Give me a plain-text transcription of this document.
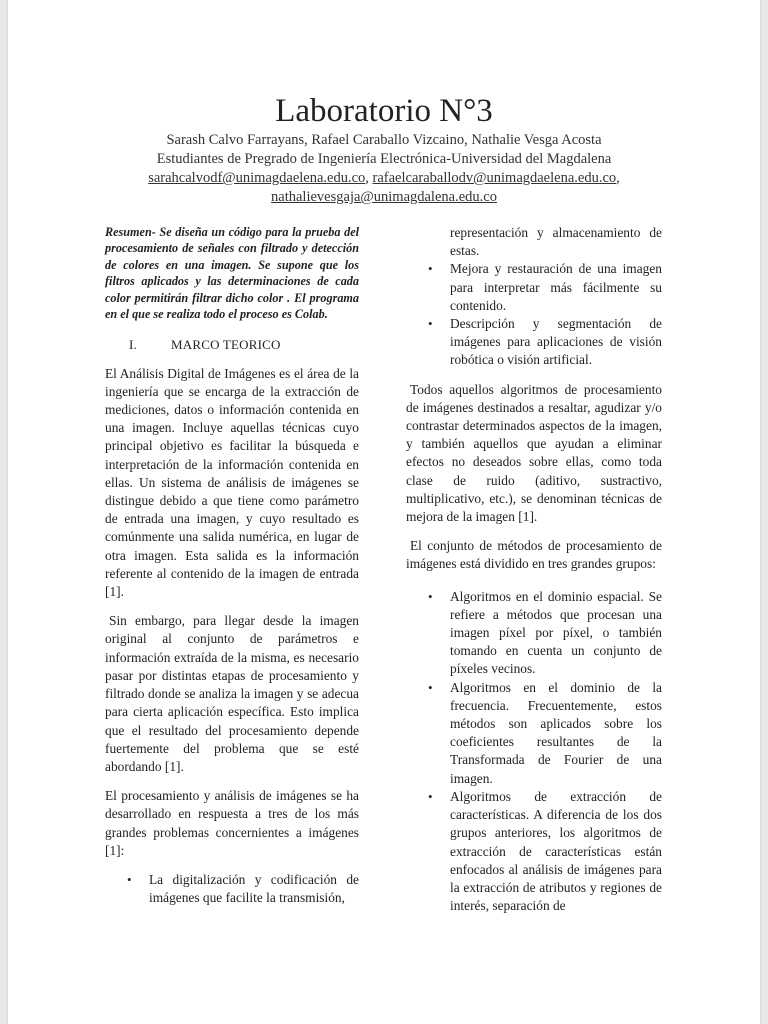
Laboratorio N°3
Sarash Calvo Farrayans, Rafael Caraballo Vizcaino, Nathalie Vesga Acosta
Estudiantes de Pregrado de Ingeniería Electrónica-Universidad del Magdalena
sarahcalvodf@unimagdaelena.edu.co, rafaelcaraballodv@unimagdaelena.edu.co,
nathalievesgaja@unimagdalena.edu.co

Resumen- Se diseña un código para la prueba del procesamiento de señales con filtrado y detección de colores en una imagen. Se supone que los filtros aplicados y las determinaciones de cada color permitirán filtrar dicho color . El programa en el que se realiza todo el proceso es Colab.

I.	MARCO TEORICO

El Análisis Digital de Imágenes es el área de la ingeniería que se encarga de la extracción de mediciones, datos o información contenida en una imagen. Incluye aquellas técnicas cuyo principal objetivo es facilitar la búsqueda e interpretación de la información contenida en ellas. Un sistema de análisis de imágenes se distingue debido a que tiene como parámetro de entrada una imagen, y cuyo resultado es comúnmente una salida numérica, en lugar de otra imagen. Esta salida es la información referente al contenido de la imagen de entrada [1].

Sin embargo, para llegar desde la imagen original al conjunto de parámetros e información extraída de la misma, es necesario pasar por distintas etapas de procesamiento y filtrado donde se analiza la imagen y se adecua para cierta aplicación específica. Esto implica que el resultado del procesamiento depende fuertemente del problema que se esté abordando [1].

El procesamiento y análisis de imágenes se ha desarrollado en respuesta a tres de los más grandes problemas concernientes a imágenes [1]:

• La digitalización y codificación de imágenes que facilite la transmisión,
representación y almacenamiento de estas.
• Mejora y restauración de una imagen para interpretar más fácilmente su contenido.
• Descripción y segmentación de imágenes para aplicaciones de visión robótica o visión artificial.

Todos aquellos algoritmos de procesamiento de imágenes destinados a resaltar, agudizar y/o contrastar determinados aspectos de la imagen, y también aquellos que ayudan a eliminar efectos no deseados sobre ellas, como toda clase de ruido (aditivo, sustractivo, multiplicativo, etc.), se denominan técnicas de mejora de la imagen [1].

El conjunto de métodos de procesamiento de imágenes está dividido en tres grandes grupos:

• Algoritmos en el dominio espacial. Se refiere a métodos que procesan una imagen píxel por píxel, o también tomando en cuenta un conjunto de píxeles vecinos.
• Algoritmos en el dominio de la frecuencia. Frecuentemente, estos métodos son aplicados sobre los coeficientes resultantes de la Transformada de Fourier de una imagen.
• Algoritmos de extracción de características. A diferencia de los dos grupos anteriores, los algoritmos de extracción de características están enfocados al análisis de imágenes para la extracción de atributos y regiones de interés, separación de
